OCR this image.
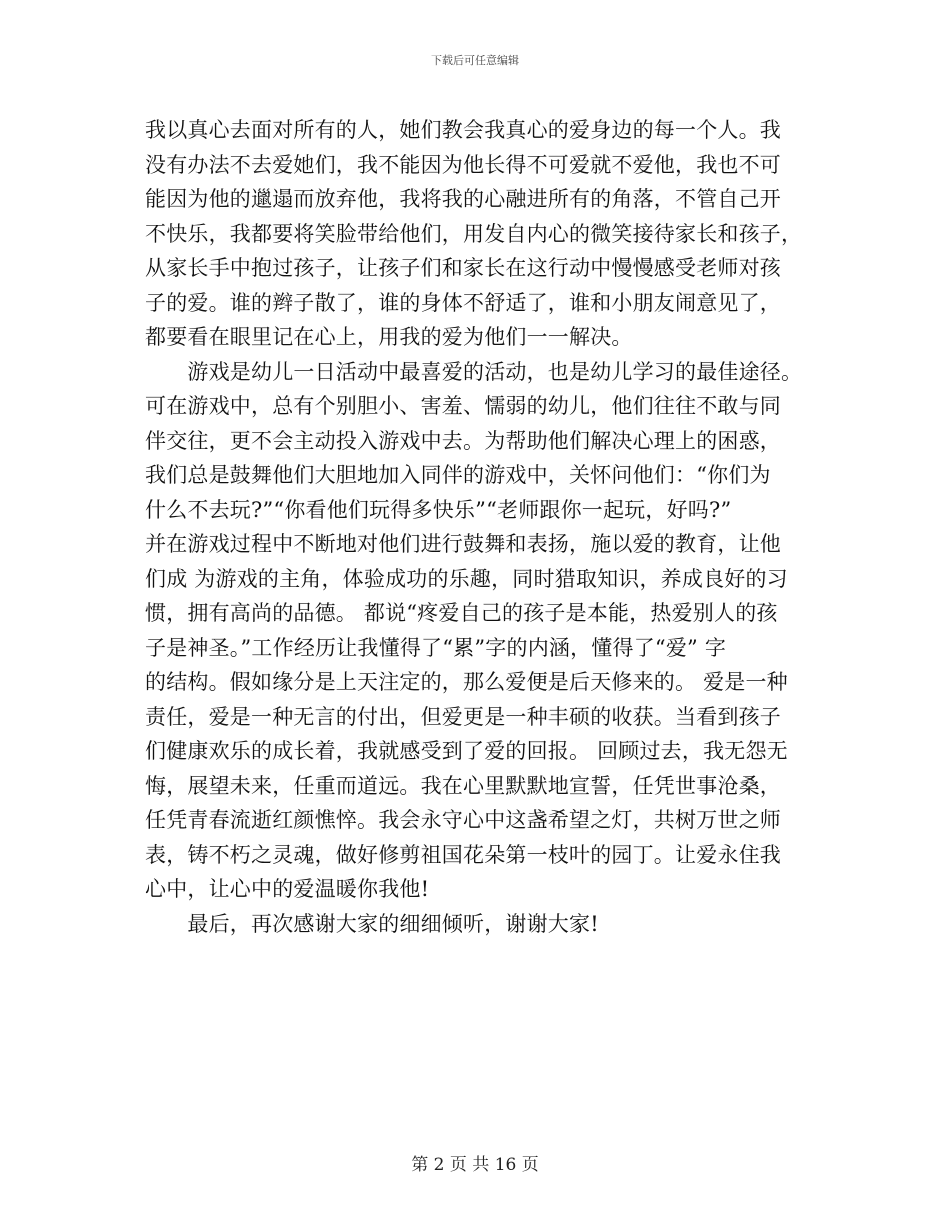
下载后可任意编辑
我以真心去面对所有的人，她们教会我真心的爱身边的每一个人。我
没有办法不去爱她们，我不能因为他长得不可爱就不爱他，我也不可
能因为他的邋遢而放弃他，我将我的心融进所有的角落，不管自己开
不快乐，我都要将笑脸带给他们，用发自内心的微笑接待家长和孩子，
从家长手中抱过孩子，让孩子们和家长在这行动中慢慢感受老师对孩
子的爱。谁的辫子散了，谁的身体不舒适了，谁和小朋友闹意见了，
都要看在眼里记在心上，用我的爱为他们一一解决。
　　游戏是幼儿一日活动中最喜爱的活动，也是幼儿学习的最佳途径。
可在游戏中，总有个别胆小、害羞、懦弱的幼儿，他们往往不敢与同
伴交往，更不会主动投入游戏中去。为帮助他们解决心理上的困惑，
我们总是鼓舞他们大胆地加入同伴的游戏中，关怀问他们：“你们为
什么不去玩?”“你看他们玩得多快乐”“老师跟你一起玩，好吗?”
并在游戏过程中不断地对他们进行鼓舞和表扬，施以爱的教育，让他
们成 为游戏的主角，体验成功的乐趣，同时猎取知识，养成良好的习
惯，拥有高尚的品德。 都说“疼爱自己的孩子是本能，热爱别人的孩
子是神圣。”工作经历让我懂得了“累”字的内涵，懂得了“爱” 字
的结构。假如缘分是上天注定的，那么爱便是后天修来的。 爱是一种
责任，爱是一种无言的付出，但爱更是一种丰硕的收获。当看到孩子
们健康欢乐的成长着，我就感受到了爱的回报。 回顾过去，我无怨无
悔，展望未来，任重而道远。我在心里默默地宣誓，任凭世事沧桑，
任凭青春流逝红颜憔悴。我会永守心中这盏希望之灯，共树万世之师
表，铸不朽之灵魂，做好修剪祖国花朵第一枝叶的园丁。让爱永住我
心中，让心中的爱温暖你我他!
　　最后，再次感谢大家的细细倾听，谢谢大家!
第 2 页 共 16 页
